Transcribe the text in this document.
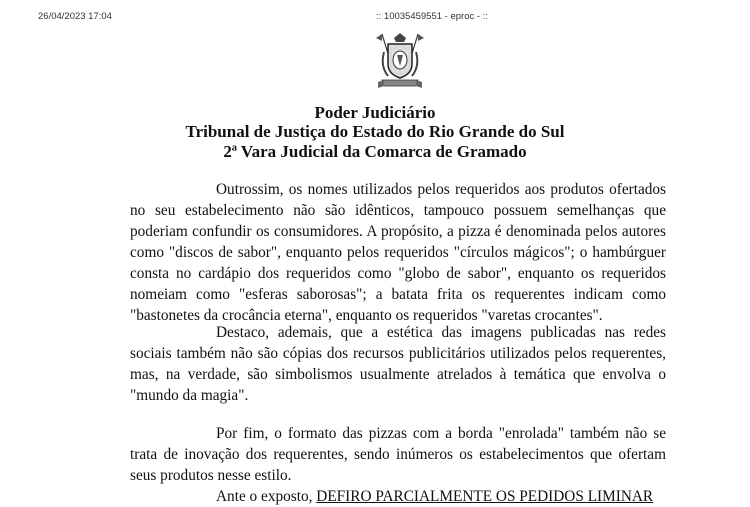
26/04/2023 17:04	:: 10035459551 - eproc - ::
Poder Judiciário
Tribunal de Justiça do Estado do Rio Grande do Sul
2ª Vara Judicial da Comarca de Gramado

Outrossim, os nomes utilizados pelos requeridos aos produtos ofertados no seu estabelecimento não são idênticos, tampouco possuem semelhanças que poderiam confundir os consumidores. A propósito, a pizza é denominada pelos autores como "discos de sabor", enquanto pelos requeridos "círculos mágicos"; o hambúrguer consta no cardápio dos requeridos como "globo de sabor", enquanto os requeridos nomeiam como "esferas saborosas"; a batata frita os requerentes indicam como "bastonetes da crocância eterna", enquanto os requeridos "varetas crocantes".

Destaco, ademais, que a estética das imagens publicadas nas redes sociais também não são cópias dos recursos publicitários utilizados pelos requerentes, mas, na verdade, são simbolismos usualmente atrelados à temática que envolva o "mundo da magia".

Por fim, o formato das pizzas com a borda "enrolada" também não se trata de inovação dos requerentes, sendo inúmeros os estabelecimentos que ofertam seus produtos nesse estilo.

Ante o exposto, DEFIRO PARCIALMENTE OS PEDIDOS LIMINAR
